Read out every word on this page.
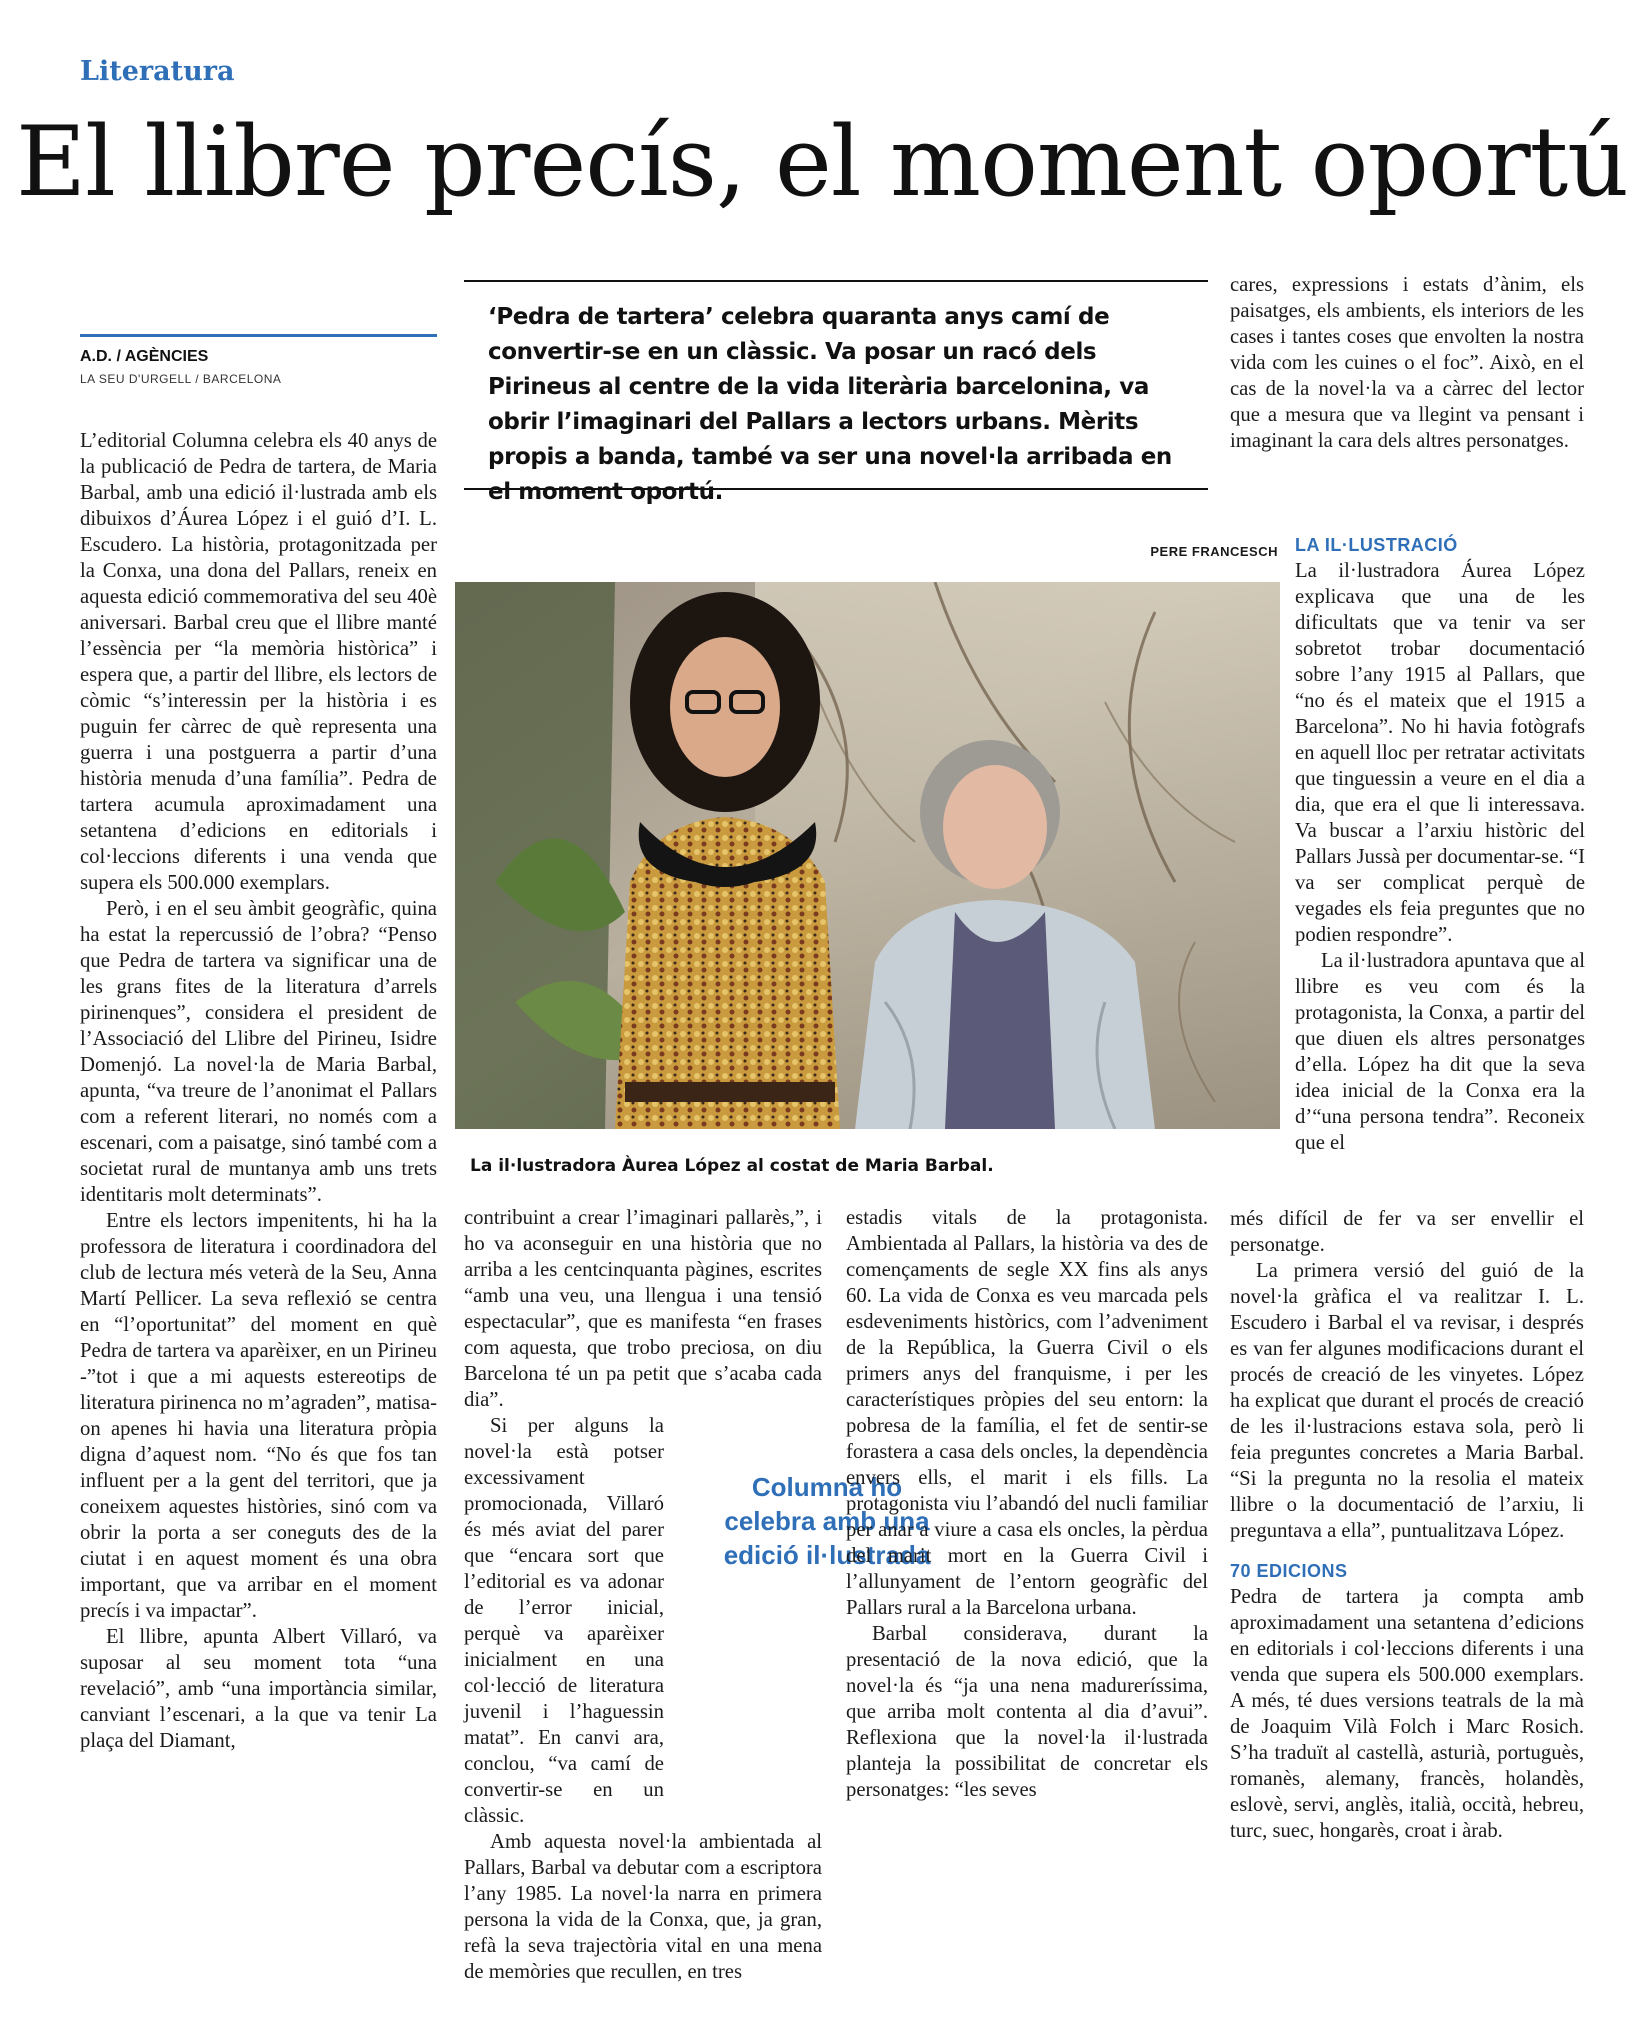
Literatura
El llibre precís, el moment oportú
A.D. / AGÈNCIES
LA SEU D'URGELL / BARCELONA
‘Pedra de tartera’ celebra quaranta anys camí de convertir-se en un clàssic. Va posar un racó dels Pirineus al centre de la vida literària barcelonina, va obrir l’imaginari del Pallars a lectors urbans. Mèrits propis a banda, també va ser una novel·la arribada en el moment oportú.

L’editorial Columna celebra els 40 anys de la publicació de Pedra de tartera, de Maria Barbal, amb una edició il·lustrada amb els dibuixos d’Áurea López i el guió d’I. L. Escudero. La història, protagonitzada per la Conxa, una dona del Pallars, reneix en aquesta edició commemorativa del seu 40è aniversari. Barbal creu que el llibre manté l’essència per “la memòria històrica” i espera que, a partir del llibre, els lectors de còmic “s’interessin per la història i es puguin fer càrrec de què representa una guerra i una postguerra a partir d’una història menuda d’una família”. Pedra de tartera acumula aproximadament una setantena d’edicions en editorials i col·leccions diferents i una venda que supera els 500.000 exemplars.

Però, i en el seu àmbit geogràfic, quina ha estat la repercussió de l’obra? “Penso que Pedra de tartera va significar una de les grans fites de la literatura d’arrels pirinenques”, considera el president de l’Associació del Llibre del Pirineu, Isidre Domenjó. La novel·la de Maria Barbal, apunta, “va treure de l’anonimat el Pallars com a referent literari, no només com a escenari, com a paisatge, sinó també com a societat rural de muntanya amb uns trets identitaris molt determinats”.

Entre els lectors impenitents, hi ha la professora de literatura i coordinadora del club de lectura més veterà de la Seu, Anna Martí Pellicer. La seva reflexió se centra en “l’oportunitat” del moment en què Pedra de tartera va aparèixer, en un Pirineu -”tot i que a mi aquests estereotips de literatura pirinenca no m’agraden”, matisa- on apenes hi havia una literatura pròpia digna d’aquest nom. “No és que fos tan influent per a la gent del territori, que ja coneixem aquestes històries, sinó com va obrir la porta a ser coneguts des de la ciutat i en aquest moment és una obra important, que va arribar en el moment precís i va impactar”.

El llibre, apunta Albert Villaró, va suposar al seu moment tota “una revelació”, amb “una importància similar, canviant l’escenari, a la que va tenir La plaça del Diamant,

PERE FRANCESCH
La il·lustradora Àurea López al costat de Maria Barbal.

contribuint a crear l’imaginari pallarès,”, i ho va aconseguir en una història que no arriba a les centcinquanta pàgines, escrites “amb una veu, una llengua i una tensió espectacular”, que es manifesta “en frases com aquesta, que trobo preciosa, on diu Barcelona té un pa petit que s’acaba cada dia”.

Si per alguns la novel·la està potser excessivament promocionada, Villaró és més aviat del parer que “encara sort que l’editorial es va adonar de l’error inicial, perquè va aparèixer inicialment en una col·lecció de literatura juvenil i l’haguessin matat”. En canvi ara, conclou, “va camí de convertir-se en un clàssic.

Amb aquesta novel·la ambientada al Pallars, Barbal va debutar com a escriptora l’any 1985. La novel·la narra en primera persona la vida de la Conxa, que, ja gran, refà la seva trajectòria vital en una mena de memòries que recullen, en tres

Columna ho celebra amb una edició il·lustrada

estadis vitals de la protagonista. Ambientada al Pallars, la història va des de començaments de segle XX fins als anys 60. La vida de Conxa es veu marcada pels esdeveniments històrics, com l’adveniment de la República, la Guerra Civil o els primers anys del franquisme, i per les característiques pròpies del seu entorn: la pobresa de la família, el fet de sentir-se forastera a casa dels oncles, la dependència envers ells, el marit i els fills. La protagonista viu l’abandó del nucli familiar per anar a viure a casa els oncles, la pèrdua del marit mort en la Guerra Civil i l’allunyament de l’entorn geogràfic del Pallars rural a la Barcelona urbana.

Barbal considerava, durant la presentació de la nova edició, que la novel·la és “ja una nena madureríssima, que arriba molt contenta al dia d’avui”. Reflexiona que la novel·la il·lustrada planteja la possibilitat de concretar els personatges: “les seves

cares, expressions i estats d’ànim, els paisatges, els ambients, els interiors de les cases i tantes coses que envolten la nostra vida com les cuines o el foc”. Això, en el cas de la novel·la va a càrrec del lector que a mesura que va llegint va pensant i imaginant la cara dels altres personatges.

LA IL·LUSTRACIÓ

La il·lustradora Áurea López explicava que una de les dificultats que va tenir va ser sobretot trobar documentació sobre l’any 1915 al Pallars, que “no és el mateix que el 1915 a Barcelona”. No hi havia fotògrafs en aquell lloc per retratar activitats que tinguessin a veure en el dia a dia, que era el que li interessava. Va buscar a l’arxiu històric del Pallars Jussà per documentar-se. “I va ser complicat perquè de vegades els feia preguntes que no podien respondre”.

La il·lustradora apuntava que al llibre es veu com és la protagonista, la Conxa, a partir del que diuen els altres personatges d’ella. López ha dit que la seva idea inicial de la Conxa era la d’“una persona tendra”. Reconeix que el

més difícil de fer va ser envellir el personatge.

La primera versió del guió de la novel·la gràfica el va realitzar I. L. Escudero i Barbal el va revisar, i després es van fer algunes modificacions durant el procés de creació de les vinyetes. López ha explicat que durant el procés de creació de les il·lustracions estava sola, però li feia preguntes concretes a Maria Barbal. “Si la pregunta no la resolia el mateix llibre o la documentació de l’arxiu, li preguntava a ella”, puntualitzava López.

70 EDICIONS

Pedra de tartera ja compta amb aproximadament una setantena d’edicions en editorials i col·leccions diferents i una venda que supera els 500.000 exemplars. A més, té dues versions teatrals de la mà de Joaquim Vilà Folch i Marc Rosich. S’ha traduït al castellà, asturià, portuguès, romanès, alemany, francès, holandès, eslovè, servi, anglès, italià, occità, hebreu, turc, suec, hongarès, croat i àrab.
